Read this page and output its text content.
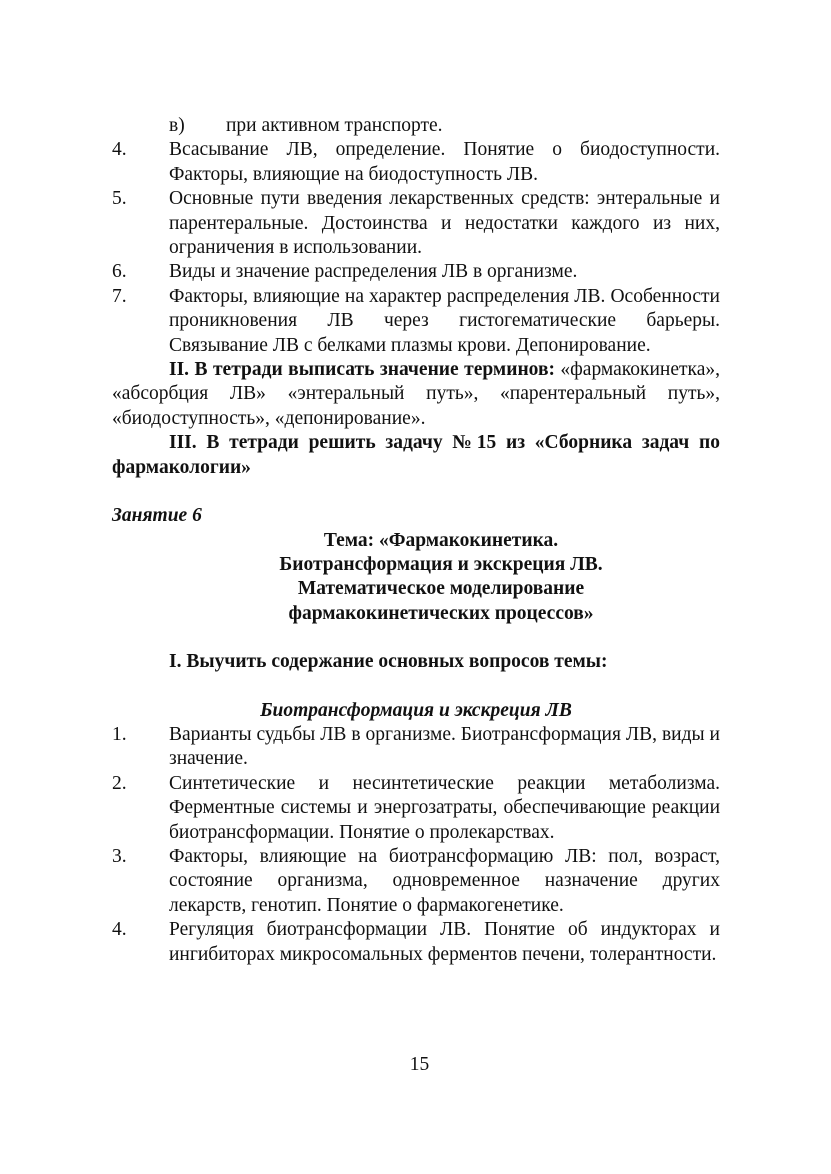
в)	при активном транспорте.
4.	Всасывание ЛВ, определение. Понятие о биодоступности. Факторы, влияющие на биодоступность ЛВ.
5.	Основные пути введения лекарственных средств: энтеральные и парентеральные. Достоинства и недостатки каждого из них, ограничения в использовании.
6.	Виды и значение распределения ЛВ в организме.
7.	Факторы, влияющие на характер распределения ЛВ. Особенности проникновения ЛВ через гистогематические барьеры. Связывание ЛВ с белками плазмы крови. Депонирование.
II. В тетради выписать значение терминов: «фармакокинетка», «абсорбция ЛВ» «энтеральный путь», «парентеральный путь», «биодоступность», «депонирование».
III. В тетради решить задачу №15 из «Сборника задач по фармакологии»
Занятие 6
Тема: «Фармакокинетика.
Биотрансформация и экскреция ЛВ.
Математическое моделирование
фармакокинетических процессов»
I. Выучить содержание основных вопросов темы:
Биотрансформация и экскреция ЛВ
1.	Варианты судьбы ЛВ в организме. Биотрансформация ЛВ, виды и значение.
2.	Синтетические и несинтетические реакции метаболизма. Ферментные системы и энергозатраты, обеспечивающие реакции биотрансформации. Понятие о пролекарствах.
3.	Факторы, влияющие на биотрансформацию ЛВ: пол, возраст, состояние организма, одновременное назначение других лекарств, генотип. Понятие о фармакогенетике.
4.	Регуляция биотрансформации ЛВ. Понятие об индукторах и ингибиторах микросомальных ферментов печени, толерантности.
15
